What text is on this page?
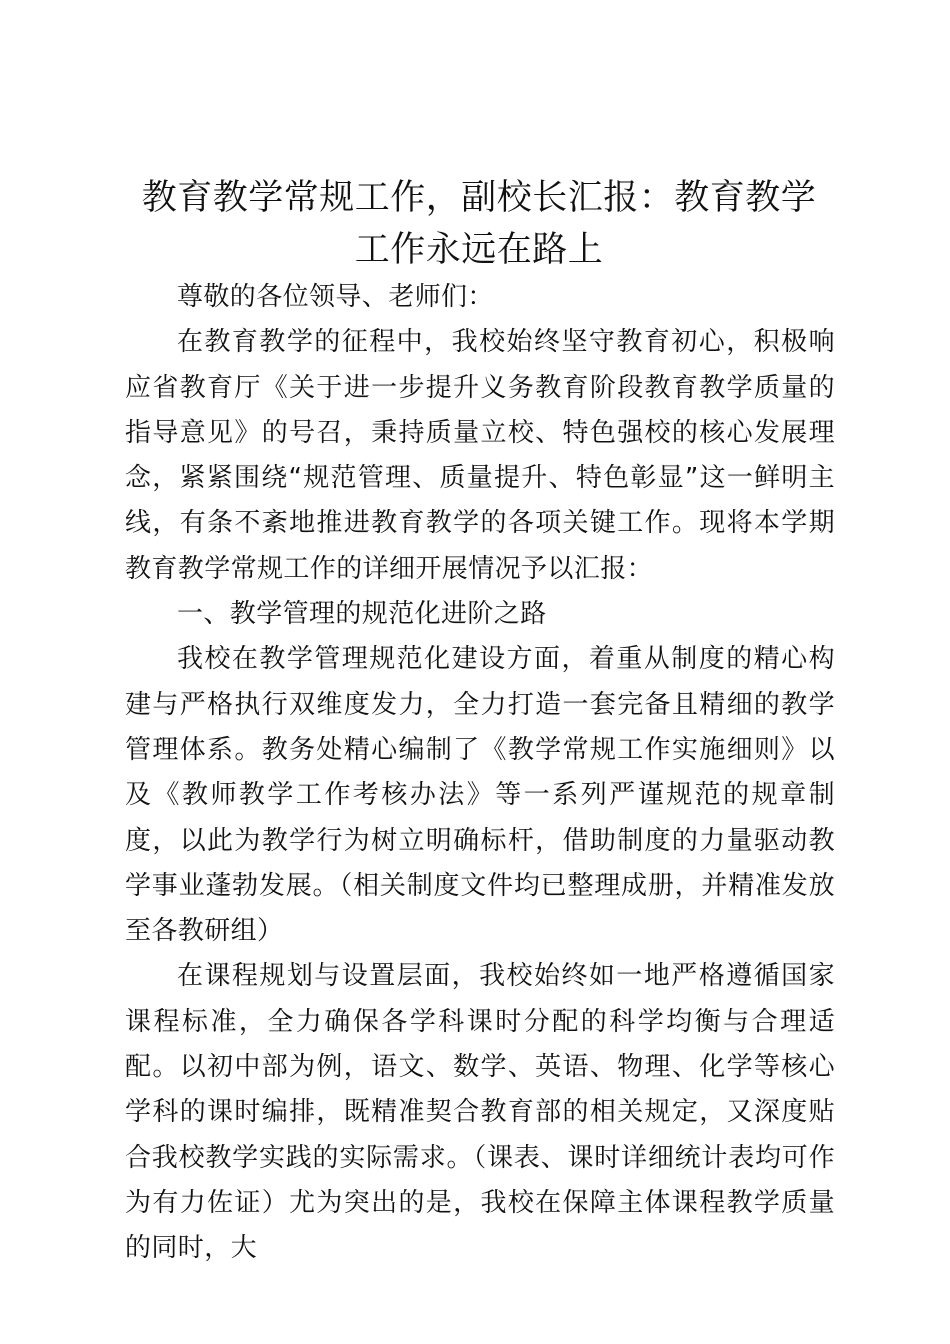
教育教学常规工作，副校长汇报：教育教学工作永远在路上

尊敬的各位领导、老师们：

在教育教学的征程中，我校始终坚守教育初心，积极响应省教育厅《关于进一步提升义务教育阶段教育教学质量的指导意见》的号召，秉持质量立校、特色强校的核心发展理念，紧紧围绕“规范管理、质量提升、特色彰显”这一鲜明主线，有条不紊地推进教育教学的各项关键工作。现将本学期教育教学常规工作的详细开展情况予以汇报：

一、教学管理的规范化进阶之路

我校在教学管理规范化建设方面，着重从制度的精心构建与严格执行双维度发力，全力打造一套完备且精细的教学管理体系。教务处精心编制了《教学常规工作实施细则》以及《教师教学工作考核办法》等一系列严谨规范的规章制度，以此为教学行为树立明确标杆，借助制度的力量驱动教学事业蓬勃发展。（相关制度文件均已整理成册，并精准发放至各教研组）

在课程规划与设置层面，我校始终如一地严格遵循国家课程标准，全力确保各学科课时分配的科学均衡与合理适配。以初中部为例，语文、数学、英语、物理、化学等核心学科的课时编排，既精准契合教育部的相关规定，又深度贴合我校教学实践的实际需求。（课表、课时详细统计表均可作为有力佐证）尤为突出的是，我校在保障主体课程教学质量的同时，大
